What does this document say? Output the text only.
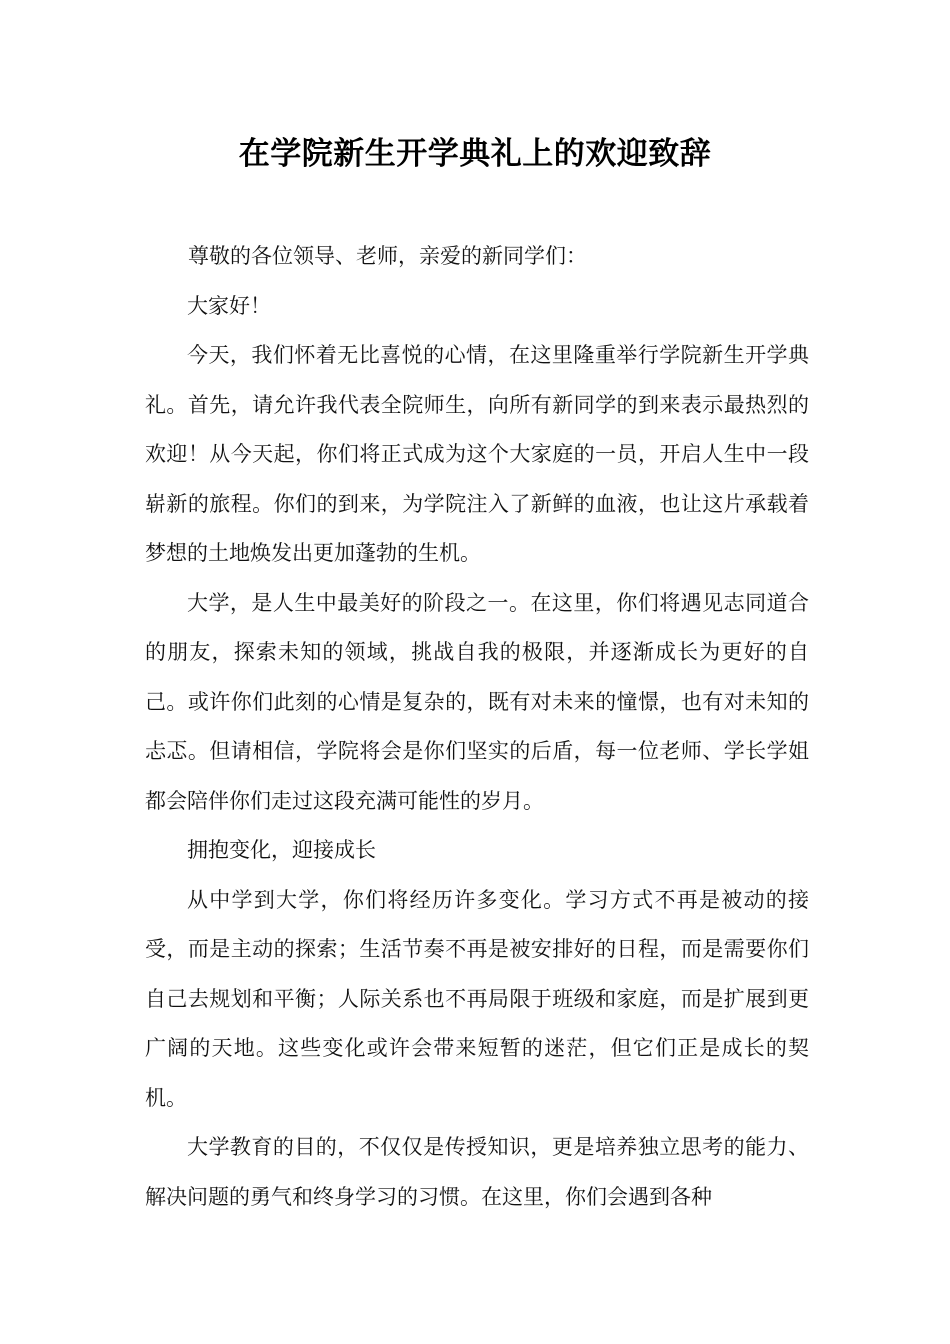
在学院新生开学典礼上的欢迎致辞

尊敬的各位领导、老师，亲爱的新同学们：

大家好！

今天，我们怀着无比喜悦的心情，在这里隆重举行学院新生开学典礼。首先，请允许我代表全院师生，向所有新同学的到来表示最热烈的欢迎！从今天起，你们将正式成为这个大家庭的一员，开启人生中一段崭新的旅程。你们的到来，为学院注入了新鲜的血液，也让这片承载着梦想的土地焕发出更加蓬勃的生机。

大学，是人生中最美好的阶段之一。在这里，你们将遇见志同道合的朋友，探索未知的领域，挑战自我的极限，并逐渐成长为更好的自己。或许你们此刻的心情是复杂的，既有对未来的憧憬，也有对未知的忐忑。但请相信，学院将会是你们坚实的后盾，每一位老师、学长学姐都会陪伴你们走过这段充满可能性的岁月。

拥抱变化，迎接成长

从中学到大学，你们将经历许多变化。学习方式不再是被动的接受，而是主动的探索；生活节奏不再是被安排好的日程，而是需要你们自己去规划和平衡；人际关系也不再局限于班级和家庭，而是扩展到更广阔的天地。这些变化或许会带来短暂的迷茫，但它们正是成长的契机。

大学教育的目的，不仅仅是传授知识，更是培养独立思考的能力、解决问题的勇气和终身学习的习惯。在这里，你们会遇到各种
